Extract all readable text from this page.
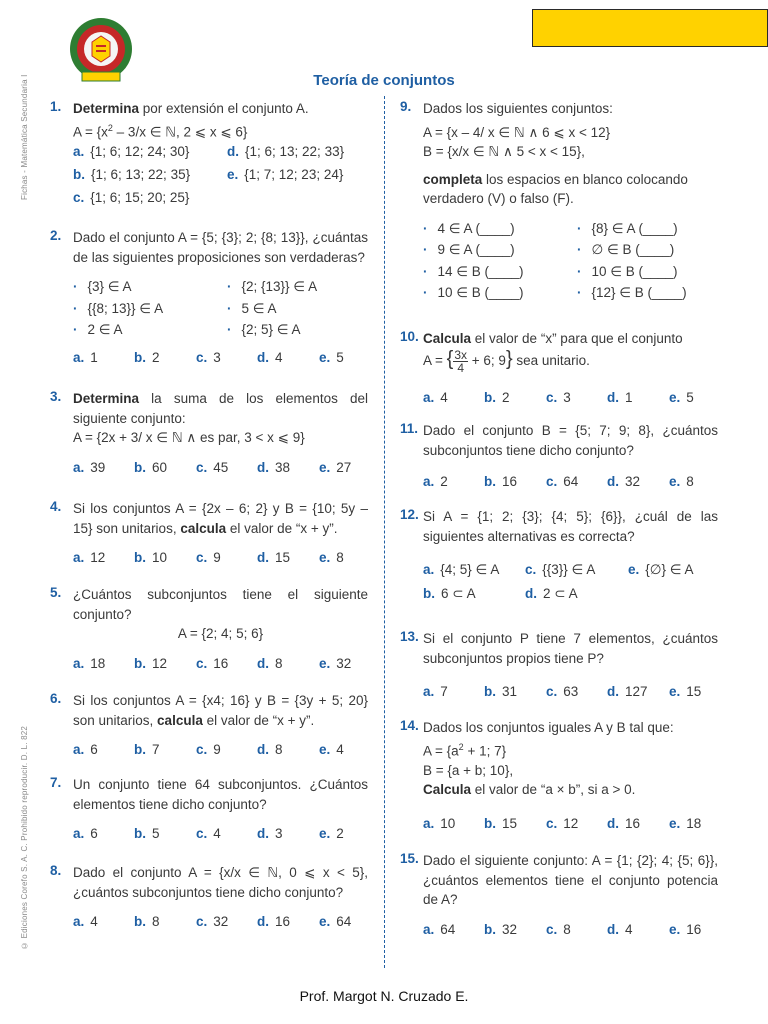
Fichas - Matemática Secundaria I
© Ediciones Corefo S. A. C. Prohibido reproducir. D. L. 822
Teoría de conjuntos
1. Determina por extensión el conjunto A.
$A = \{x^2 - 3/x$ ∈ ℕ, 2 ⩽ x ⩽ 6}
a. {1; 6; 12; 24; 30}	d. {1; 6; 13; 22; 33}
b. {1; 6; 13; 22; 35}	e. {1; 7; 12; 23; 24}
c. {1; 6; 15; 20; 25}
2. Dado el conjunto A = {5; {3}; 2; {8; 13}}, ¿cuántas de las siguientes proposiciones son verdaderas?
· {3} ∈ A	· {2; {13}} ∈ A
· {{8; 13}} ∈ A	· 5 ∈ A
· 2 ∈ A	· {2; 5} ∈ A
a. 1	b. 2	c. 3	d. 4	e. 5
3. Determina la suma de los elementos del siguiente conjunto:
A = {2x + 3/ x ∈ ℕ ∧ es par, 3 < x ⩽ 9}
a. 39 b. 60 c. 45 d. 38 e. 27
4. Si los conjuntos A = {2x – 6; 2} y B = {10; 5y – 15} son unitarios, calcula el valor de “x + y”.
a. 12 b. 10 c. 9	d. 15 e. 8
5. ¿Cuántos subconjuntos tiene el siguiente conjunto?
A = {2; 4; 5; 6}
a. 18 b. 12 c. 16 d. 8	e. 32
6. Si los conjuntos A = {x4; 16} y B = {3y + 5; 20} son unitarios, calcula el valor de “x + y”.
a. 6	b. 7	c. 9	d. 8	e. 4
7. Un conjunto tiene 64 subconjuntos. ¿Cuántos elementos tiene dicho conjunto?
a. 6	b. 5	c. 4	d. 3	e. 2
8. Dado el conjunto A = {x/x ∈ ℕ, 0 ⩽ x < 5}, ¿cuántos subconjuntos tiene dicho conjunto?
a. 4	b. 8	c. 32 d. 16 e. 64
9. Dados los siguientes conjuntos:
A = {x – 4/ x ∈ ℕ ∧ 6 ⩽ x < 12}
B = {x/x ∈ ℕ ∧ 5 < x < 15},
completa los espacios en blanco colocando verdadero (V) o falso (F).
· 4 ∈ A (____)	· {8} ∈ A (____)
· 9 ∈ A (____)	· ∅ ∈ B (____)
· 14 ∈ B (____)	· 10 ∈ B (____)
· 10 ∈ B (____)	· {12} ∈ B (____)
10. Calcula el valor de “x” para que el conjunto
A = { $\frac{3x}{4} + 6$; 9} sea unitario.
a. 4	b. 2	c. 3	d. 1	e. 5
11. Dado el conjunto B = {5; 7; 9; 8}, ¿cuántos subconjuntos tiene dicho conjunto?
a. 2	b. 16 c. 64 d. 32 e. 8
12. Si A = {1; 2; {3}; {4; 5}; {6}}, ¿cuál de las siguientes alternativas es correcta?
a. {4; 5} ∈ A c. {{3}} ∈ A e. {∅} ∈ A
b. 6 ⊂ A	d. 2 ⊂ A
13. Si el conjunto P tiene 7 elementos, ¿cuántos subconjuntos propios tiene P?
a. 7	b. 31 c. 63 d. 127 e. 15
14. Dados los conjuntos iguales A y B tal que:
$A = \{a^2 + 1$; 7}
B = {a + b; 10},
Calcula el valor de “a × b”, si a > 0.
a. 10 b. 15 c. 12 d. 16 e. 18
15. Dado el siguiente conjunto: A = {1; {2}; 4; {5; 6}}, ¿cuántos elementos tiene el conjunto potencia de A?
a. 64 b. 32 c. 8	d. 4	e. 16
Prof. Margot N. Cruzado E.
